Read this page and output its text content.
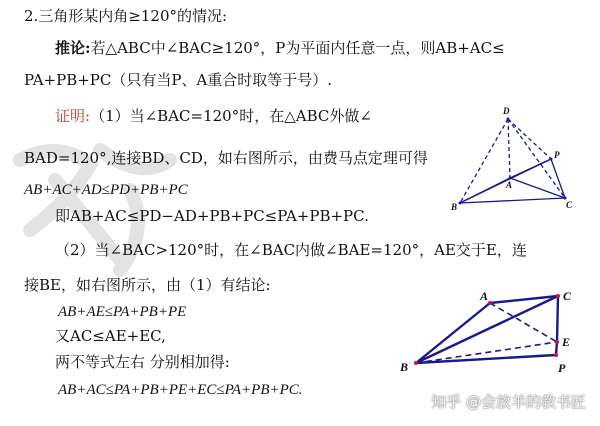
2.三角形某内角≥120°的情况:
推论:若△ABC中∠BAC≥120°，P为平面内任意一点，则AB+AC≤
PA+PB+PC（只有当P、A重合时取等于号）.
证明:（1）当∠BAC=120°时，在△ABC外做∠
BAD=120°,连接BD、CD，如右图所示，由费马点定理可得
AB+AC+AD≤PD+PB+PC
即AB+AC≤PD−AD+PB+PC≤PA+PB+PC.
（2）当∠BAC>120°时，在∠BAC内做∠BAE=120°，AE交于E，连
接BE，如右图所示，由（1）有结论:
AB+AE≤PA+PB+PE
又AC≤AE+EC,
两不等式左右 分别相加得:
AB+AC≤PA+PB+PE+EC≤PA+PB+PC.
D
P
A
B	C
A	C
E
B	P
知乎 @会放羊的教书匠
